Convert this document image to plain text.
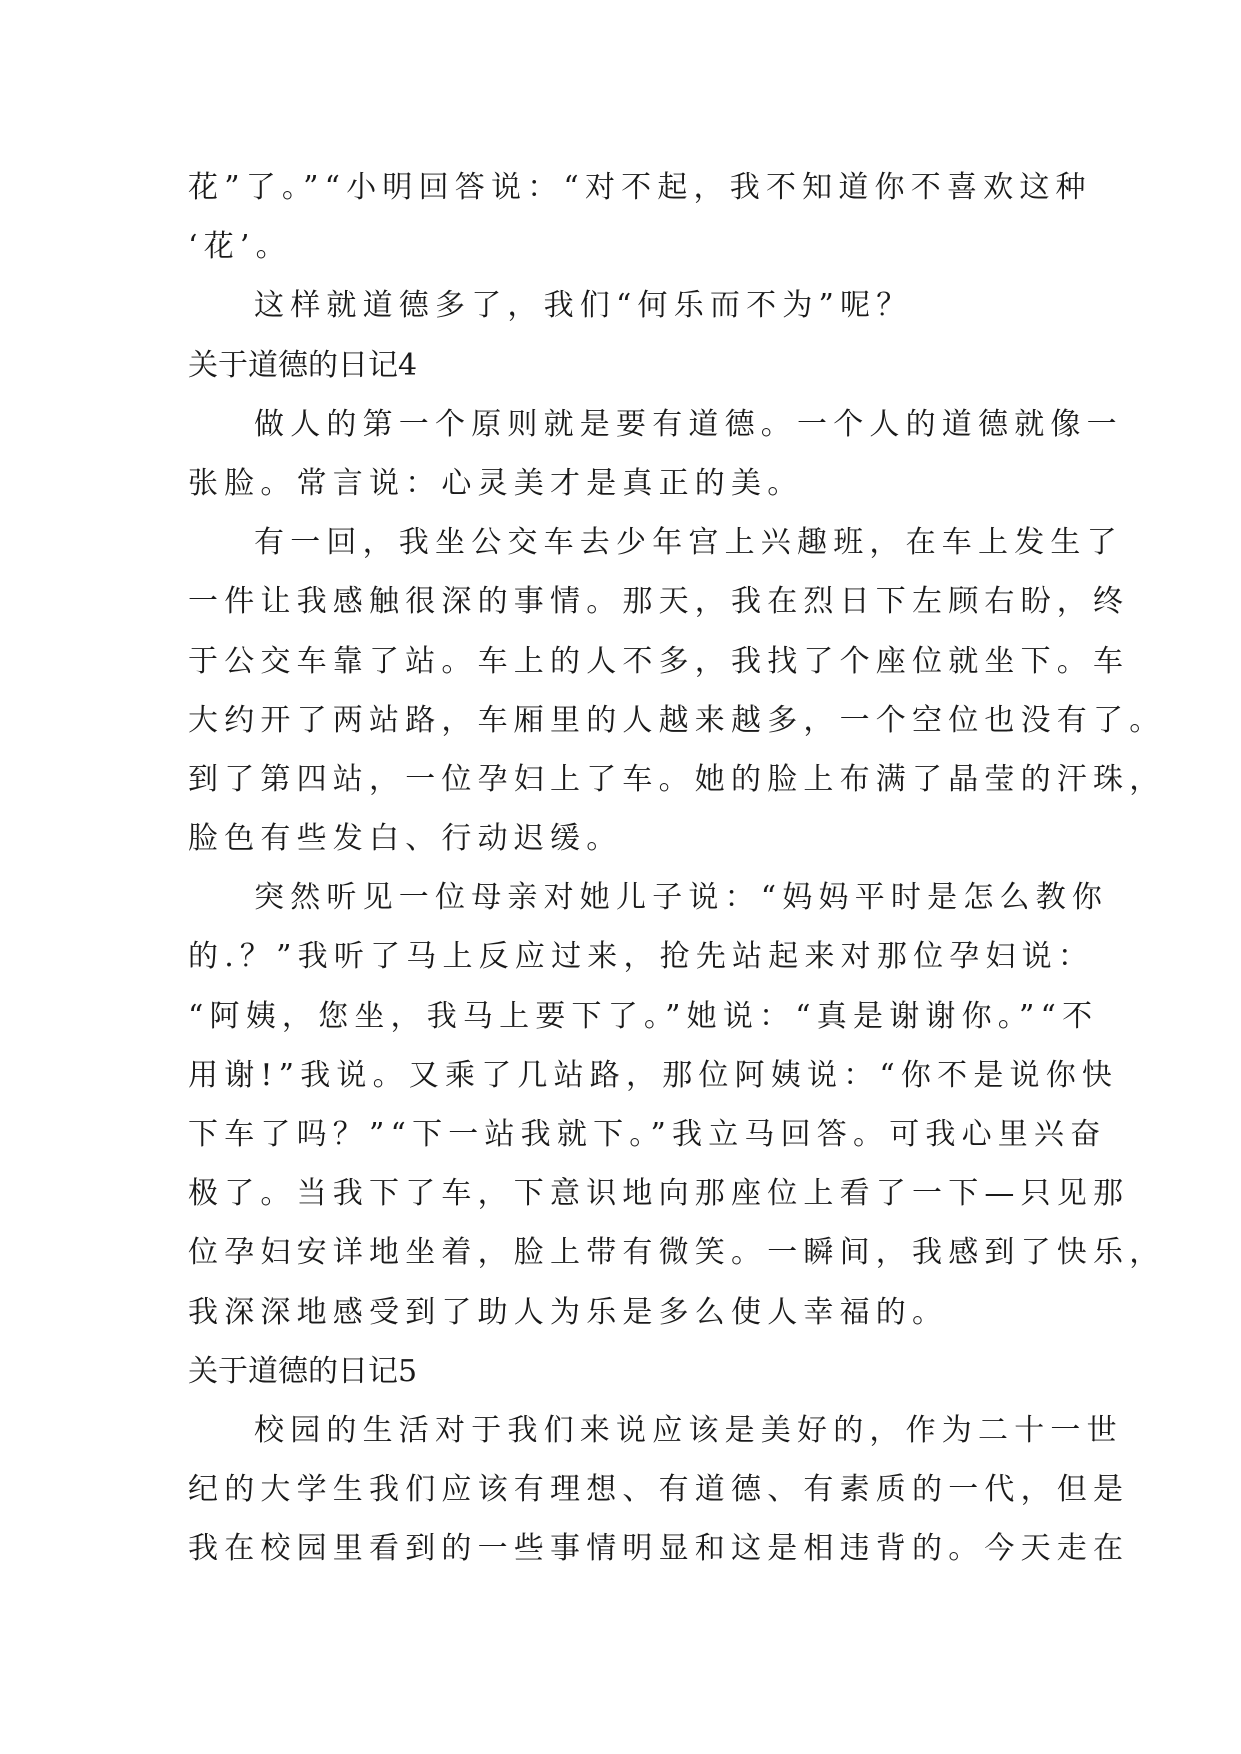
花”了。”“小明回答说：“对不起，我不知道你不喜欢这种
‘花’。
这样就道德多了，我们“何乐而不为”呢？
关于道德的日记4
做人的第一个原则就是要有道德。一个人的道德就像一
张脸。常言说：心灵美才是真正的美。
有一回，我坐公交车去少年宫上兴趣班，在车上发生了
一件让我感触很深的事情。那天，我在烈日下左顾右盼，终
于公交车靠了站。车上的人不多，我找了个座位就坐下。车
大约开了两站路，车厢里的人越来越多，一个空位也没有了。
到了第四站，一位孕妇上了车。她的脸上布满了晶莹的汗珠，
脸色有些发白、行动迟缓。
突然听见一位母亲对她儿子说：“妈妈平时是怎么教你
的.？”我听了马上反应过来，抢先站起来对那位孕妇说：
“阿姨，您坐，我马上要下了。”她说：“真是谢谢你。”“不
用谢!”我说。又乘了几站路，那位阿姨说：“你不是说你快
下车了吗？”“下一站我就下。”我立马回答。可我心里兴奋
极了。当我下了车，下意识地向那座位上看了一下—只见那
位孕妇安详地坐着，脸上带有微笑。一瞬间，我感到了快乐，
我深深地感受到了助人为乐是多么使人幸福的。
关于道德的日记5
校园的生活对于我们来说应该是美好的，作为二十一世
纪的大学生我们应该有理想、有道德、有素质的一代，但是
我在校园里看到的一些事情明显和这是相违背的。今天走在
